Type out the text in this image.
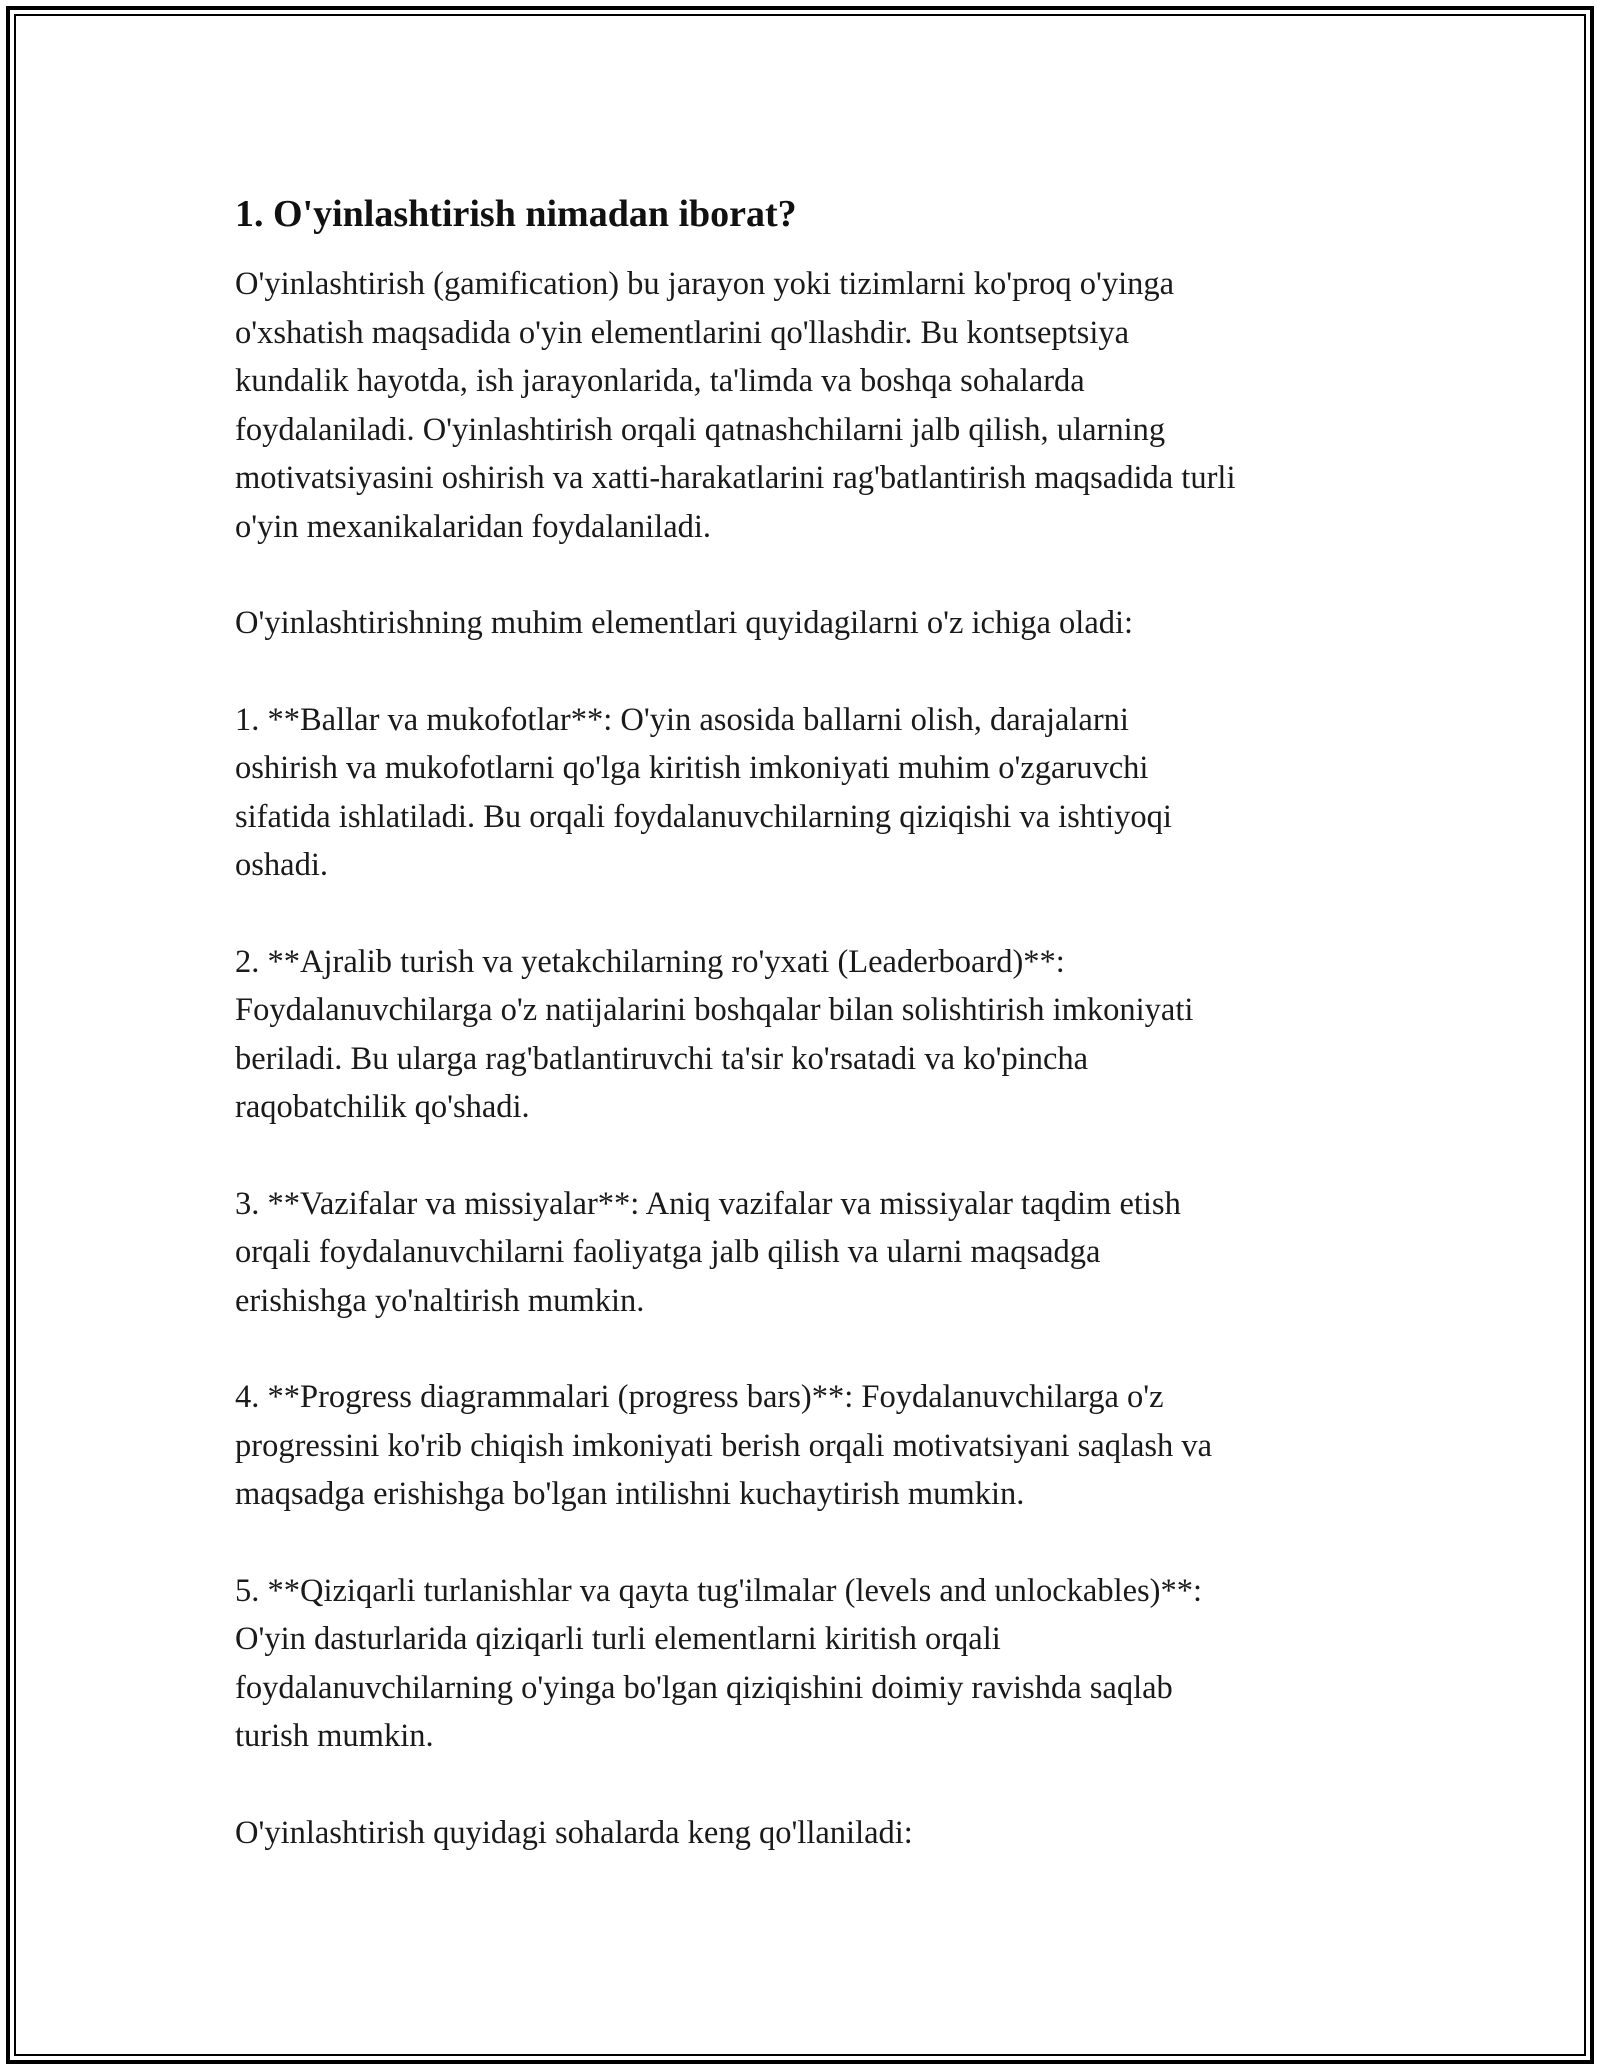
1. O'yinlashtirish nimadan iborat?
O'yinlashtirish (gamification) bu jarayon yoki tizimlarni ko'proq o'yinga
o'xshatish maqsadida o'yin elementlarini qo'llashdir. Bu kontseptsiya
kundalik hayotda, ish jarayonlarida, ta'limda va boshqa sohalarda
foydalaniladi. O'yinlashtirish orqali qatnashchilarni jalb qilish, ularning
motivatsiyasini oshirish va xatti-harakatlarini rag'batlantirish maqsadida turli
o'yin mexanikalaridan foydalaniladi.
O'yinlashtirishning muhim elementlari quyidagilarni o'z ichiga oladi:
1. **Ballar va mukofotlar**: O'yin asosida ballarni olish, darajalarni
oshirish va mukofotlarni qo'lga kiritish imkoniyati muhim o'zgaruvchi
sifatida ishlatiladi. Bu orqali foydalanuvchilarning qiziqishi va ishtiyoqi
oshadi.
2. **Ajralib turish va yetakchilarning ro'yxati (Leaderboard)**:
Foydalanuvchilarga o'z natijalarini boshqalar bilan solishtirish imkoniyati
beriladi. Bu ularga rag'batlantiruvchi ta'sir ko'rsatadi va ko'pincha
raqobatchilik qo'shadi.
3. **Vazifalar va missiyalar**: Aniq vazifalar va missiyalar taqdim etish
orqali foydalanuvchilarni faoliyatga jalb qilish va ularni maqsadga
erishishga yo'naltirish mumkin.
4. **Progress diagrammalari (progress bars)**: Foydalanuvchilarga o'z
progressini ko'rib chiqish imkoniyati berish orqali motivatsiyani saqlash va
maqsadga erishishga bo'lgan intilishni kuchaytirish mumkin.
5. **Qiziqarli turlanishlar va qayta tug'ilmalar (levels and unlockables)**:
O'yin dasturlarida qiziqarli turli elementlarni kiritish orqali
foydalanuvchilarning o'yinga bo'lgan qiziqishini doimiy ravishda saqlab
turish mumkin.
O'yinlashtirish quyidagi sohalarda keng qo'llaniladi:
